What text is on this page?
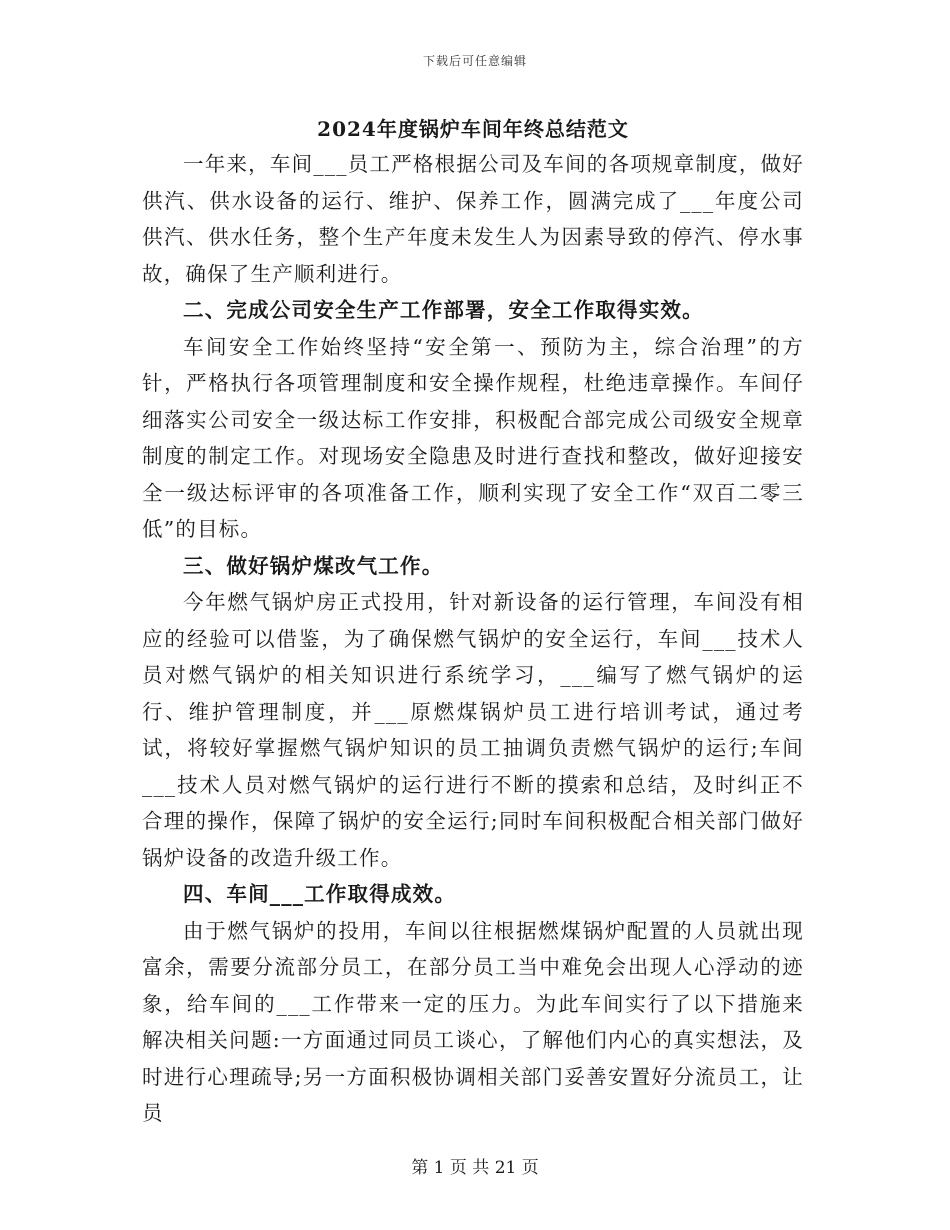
下载后可任意编辑
2024年度锅炉车间年终总结范文

一年来，车间___员工严格根据公司及车间的各项规章制度，做好供汽、供水设备的运行、维护、保养工作，圆满完成了___年度公司供汽、供水任务，整个生产年度未发生人为因素导致的停汽、停水事故，确保了生产顺利进行。

二、完成公司安全生产工作部署，安全工作取得实效。

车间安全工作始终坚持“安全第一、预防为主，综合治理”的方针，严格执行各项管理制度和安全操作规程，杜绝违章操作。车间仔细落实公司安全一级达标工作安排，积极配合部完成公司级安全规章制度的制定工作。对现场安全隐患及时进行查找和整改，做好迎接安全一级达标评审的各项准备工作，顺利实现了安全工作“双百二零三低”的目标。

三、做好锅炉煤改气工作。

今年燃气锅炉房正式投用，针对新设备的运行管理，车间没有相应的经验可以借鉴，为了确保燃气锅炉的安全运行，车间___技术人员对燃气锅炉的相关知识进行系统学习，___编写了燃气锅炉的运行、维护管理制度，并___原燃煤锅炉员工进行培训考试，通过考试，将较好掌握燃气锅炉知识的员工抽调负责燃气锅炉的运行;车间___技术人员对燃气锅炉的运行进行不断的摸索和总结，及时纠正不合理的操作，保障了锅炉的安全运行;同时车间积极配合相关部门做好锅炉设备的改造升级工作。

四、车间___工作取得成效。

由于燃气锅炉的投用，车间以往根据燃煤锅炉配置的人员就出现富余，需要分流部分员工，在部分员工当中难免会出现人心浮动的迹象，给车间的___工作带来一定的压力。为此车间实行了以下措施来解决相关问题:一方面通过同员工谈心，了解他们内心的真实想法，及时进行心理疏导;另一方面积极协调相关部门妥善安置好分流员工，让员

第 1 页 共 21 页
